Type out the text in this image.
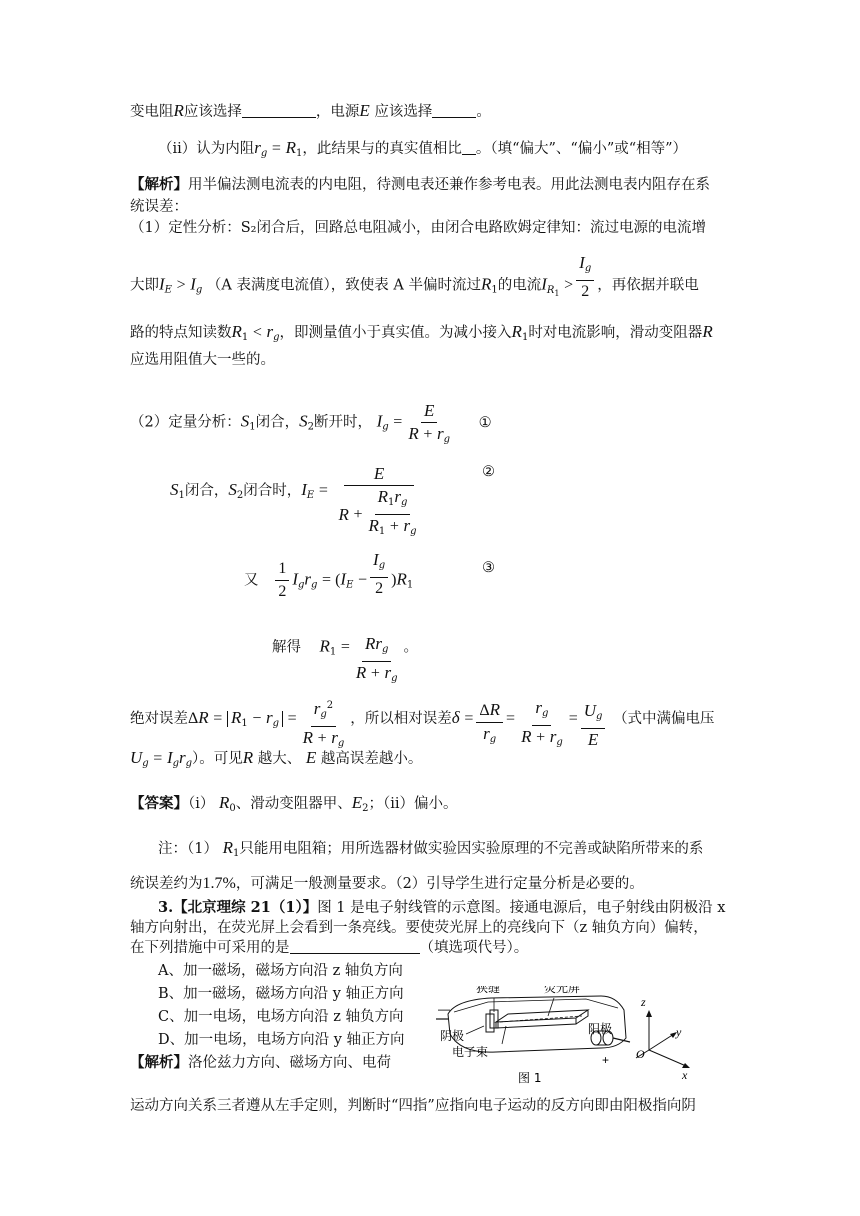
变电阻R应该选择	，电源E 应该选择	。
（ⅱ）认为内阻$r_g = R_1$，此结果与的真实值相比 。（填“偏大”、“偏小”或“相等”）
【解析】用半偏法测电流表的内电阻，待测电表还兼作参考电表。用此法测电表内阻存在系
统误差：
（1）定性分析：S₂闭合后，回路总电阻减小，由闭合电路欧姆定律知：流过电源的电流增
大即$I_E > I_g$ （A 表满度电流值），致使表 A 半偏时流过$R_1$的电流$I_{R_1} > \frac{I_g}{2}$ ，再依据并联电
路的特点知读数$R_1 < r_g$，即测量值小于真实值。为减小接入$R_1$时对电流影响，滑动变阻器R
应选用阻值大一些的。
（2）定量分析：$S_1$闭合，$S_2$断开时， $I_g = \frac{E}{R + r_g}$ ①
$S_1$闭合，$S_2$闭合时，$I_E = E$
R
+ $\frac{R_1r_g}{R_1 + r_g}$	②
又 $\frac{1}{2} I_gr_g = (I_E - \frac{I_g}{2} )R_1$
③
解得 $R_1 = \frac{Rr_g}{R + r_g}$ 。
绝对误差$\Delta R = R_1 - r_g = \frac{r_g^2}{R + r_g}$ ，所以相对误差$\delta = \frac{\Delta R}{r_g} = \frac{r_g}{R + r_g} = \frac{U_g}{E}$ （式中满偏电压
$U_g = I_gr_g$）。可见R 越大、 E 越高误差越小。
【答案】（ⅰ） $R_0$、滑动变阻器甲、$E_2$；（ⅱ）偏小。
注：（1） $R_1$只能用电阻箱；用所选器材做实验因实验原理的不完善或缺陷所带来的系
统误差约为1.7%，可满足一般测量要求。（2）引导学生进行定量分析是必要的。
3.【北京理综 21（1）】图 1 是电子射线管的示意图。接通电源后，电子射线由阴极沿 x
轴方向射出，在荧光屏上会看到一条亮线。要使荧光屏上的亮线向下（z 轴负方向）偏转，
在下列措施中可采用的是	（填选项代号）。
A、加一磁场，磁场方向沿 z 轴负方向
B、加一磁场，磁场方向沿 y 轴正方向
C、加一电场，电场方向沿 z 轴负方向
D、加一电场，电场方向沿 y 轴正方向
【解析】洛伦兹力方向、磁场方向、电荷
运动方向关系三者遵从左手定则，判断时“四指”应指向电子运动的反方向即由阳极指向阴
—
+
狭缝	荧光屏
阴极	阳极
电子束
图 1
z
y
x
O
